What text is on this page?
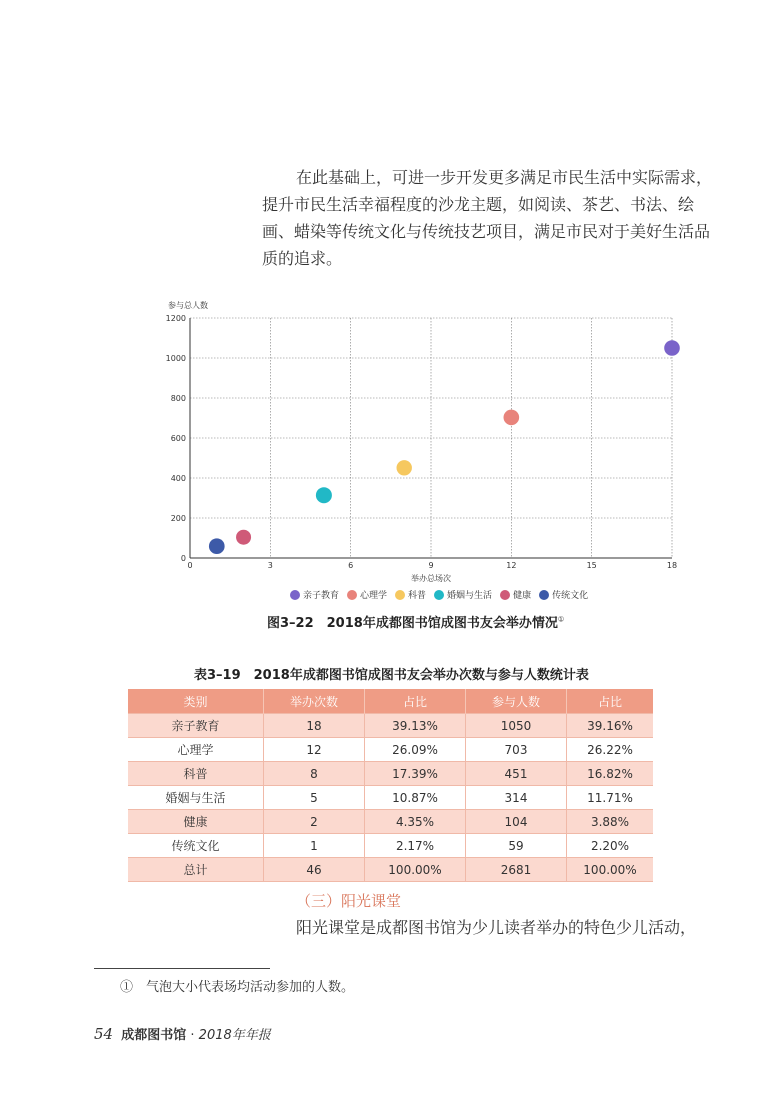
在此基础上，可进一步开发更多满足市民生活中实际需求，
提升市民生活幸福程度的沙龙主题，如阅读、茶艺、书法、绘
画、蜡染等传统文化与传统技艺项目，满足市民对于美好生活品
质的追求。
0
200
400
600
800
1000
1200
0	3	6	9	12	15	18
参与总人数
举办总场次
亲子教育 心理学 科普 婚姻与生活 健康 传统文化
图3–22　2018年成都图书馆成图书友会举办情况①
表3–19　2018年成都图书馆成图书友会举办次数与参与人数统计表
类别	举办次数	占比	参与人数	占比
亲子教育	18	39.13%	1050	39.16%
心理学	12	26.09%	703	26.22%
科普	8	17.39%	451	16.82%
婚姻与生活	5	10.87%	314	11.71%
健康	2	4.35%	104	3.88%
传统文化	1	2.17%	59	2.20%
总计	46	100.00%	2681	100.00%
（三）阳光课堂
阳光课堂是成都图书馆为少儿读者举办的特色少儿活动，
①　气泡大小代表场均活动参加的人数。
54 成都图书馆 · 2018年年报
